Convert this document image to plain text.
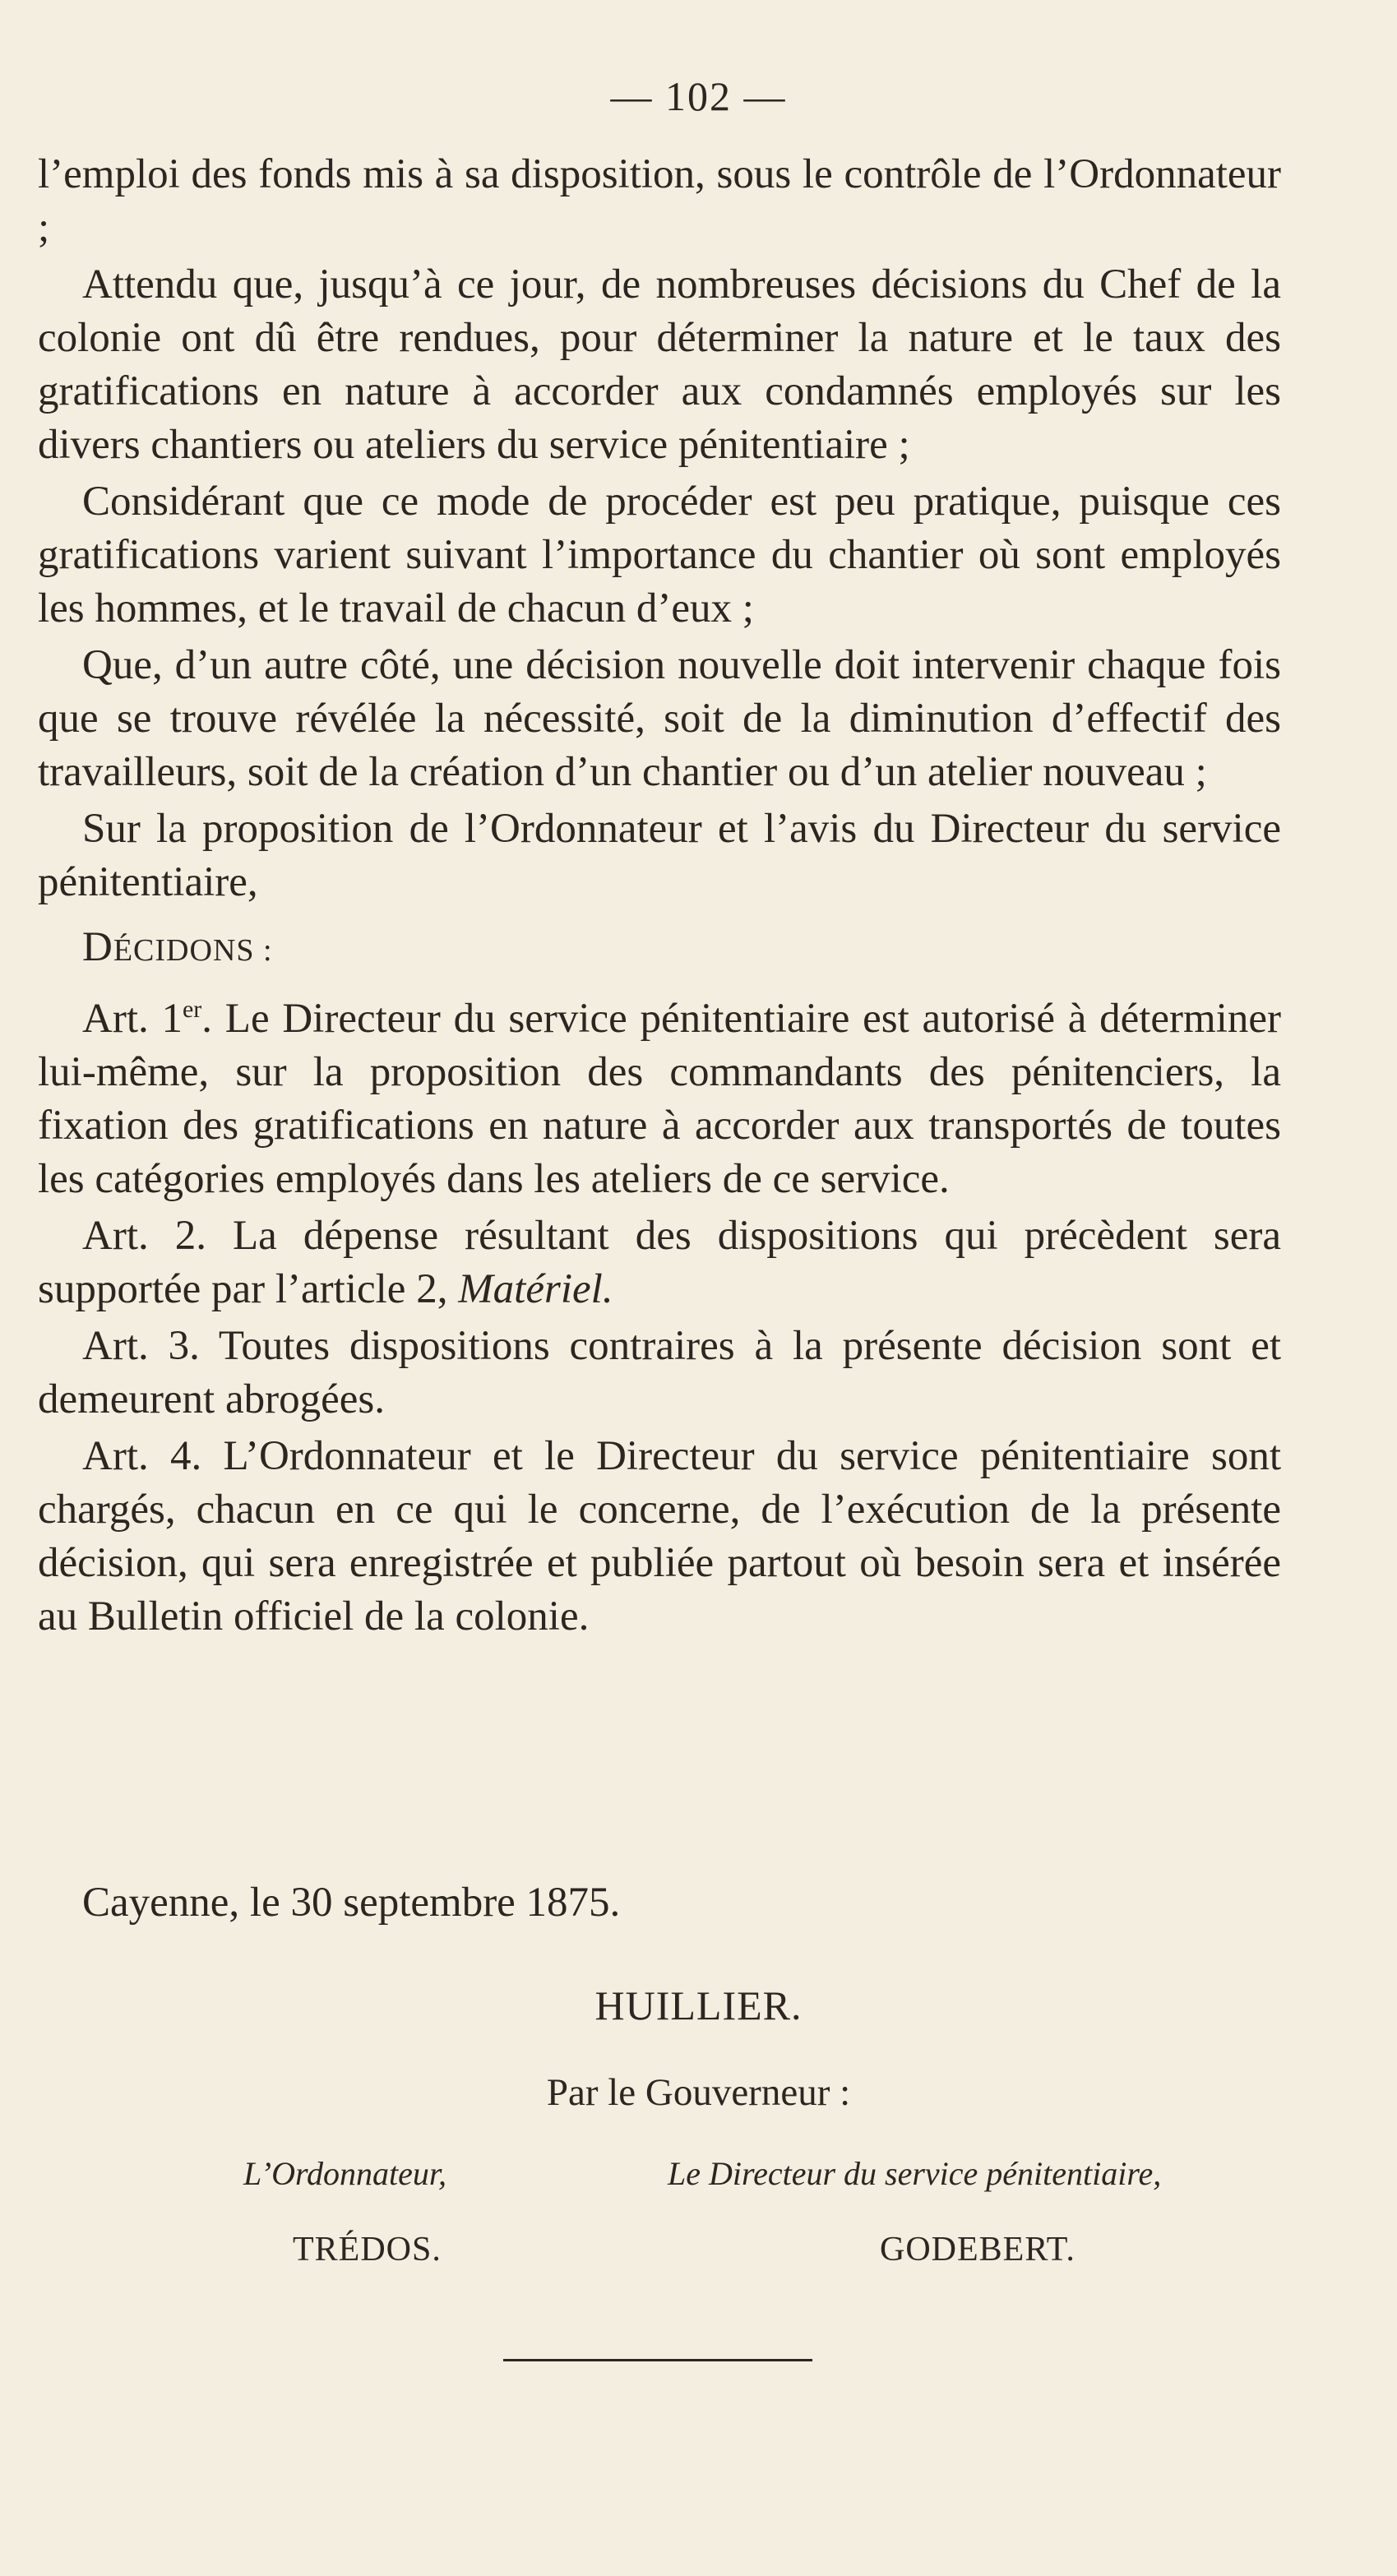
— 102 —

l’emploi des fonds mis à sa disposition, sous le contrôle de l’Ordonnateur ;

Attendu que, jusqu’à ce jour, de nombreuses décisions du Chef de la colonie ont dû être rendues, pour déterminer la nature et le taux des gratifications en nature à accorder aux condamnés employés sur les divers chantiers ou ateliers du service pénitentiaire ;

Considérant que ce mode de procéder est peu pratique, puisque ces gratifications varient suivant l’importance du chantier où sont employés les hommes, et le travail de chacun d’eux ;

Que, d’un autre côté, une décision nouvelle doit intervenir chaque fois que se trouve révélée la nécessité, soit de la diminution d’effectif des travailleurs, soit de la création d’un chantier ou d’un atelier nouveau ;

Sur la proposition de l’Ordonnateur et l’avis du Directeur du service pénitentiaire,

DÉCIDONS :

Art. 1er. Le Directeur du service pénitentiaire est autorisé à déterminer lui-même, sur la proposition des commandants des pénitenciers, la fixation des gratifications en nature à accorder aux transportés de toutes les catégories employés dans les ateliers de ce service.

Art. 2. La dépense résultant des dispositions qui précèdent sera supportée par l’article 2, Matériel.

Art. 3. Toutes dispositions contraires à la présente décision sont et demeurent abrogées.

Art. 4. L’Ordonnateur et le Directeur du service pénitentiaire sont chargés, chacun en ce qui le concerne, de l’exécution de la présente décision, qui sera enregistrée et publiée partout où besoin sera et insérée au Bulletin officiel de la colonie.

Cayenne, le 30 septembre 1875.
HUILLIER.
Par le Gouverneur :
L’Ordonnateur,	Le Directeur du service pénitentiaire,
TRÉDOS.	GODEBERT.
